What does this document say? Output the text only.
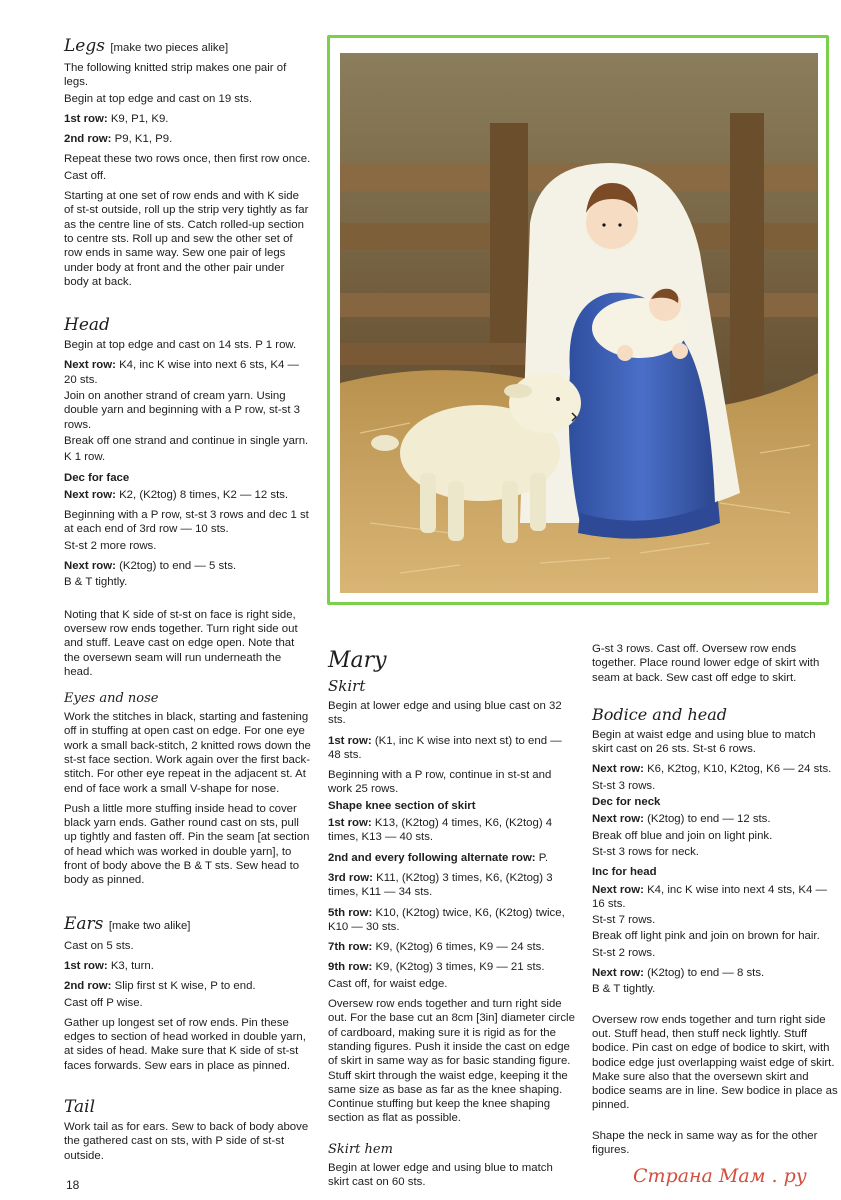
Legs [make two pieces alike]

The following knitted strip makes one pair of legs.

Begin at top edge and cast on 19 sts.

1st row: K9, P1, K9.

2nd row: P9, K1, P9.

Repeat these two rows once, then first row once.

Cast off.

Starting at one set of row ends and with K side of st-st outside, roll up the strip very tightly as far as the centre line of sts. Catch rolled-up section to centre sts. Roll up and sew the other set of row ends in same way. Sew one pair of legs under body at front and the other pair under body at back.

Head

Begin at top edge and cast on 14 sts. P 1 row.

Next row: K4, inc K wise into next 6 sts, K4 — 20 sts.

Join on another strand of cream yarn. Using double yarn and beginning with a P row, st-st 3 rows.

Break off one strand and continue in single yarn.

K 1 row.

Dec for face

Next row: K2, (K2tog) 8 times, K2 — 12 sts.

Beginning with a P row, st-st 3 rows and dec 1 st at each end of 3rd row — 10 sts.

St-st 2 more rows.

Next row: (K2tog) to end — 5 sts.

B & T tightly.

Noting that K side of st-st on face is right side, oversew row ends together. Turn right side out and stuff. Leave cast on edge open. Note that the oversewn seam will run underneath the head.

Eyes and nose

Work the stitches in black, starting and fastening off in stuffing at open cast on edge. For one eye work a small back-stitch, 2 knitted rows down the st-st face section. Work again over the first back-stitch. For other eye repeat in the adjacent st. At end of face work a small V-shape for nose.

Push a little more stuffing inside head to cover black yarn ends. Gather round cast on sts, pull up tightly and fasten off. Pin the seam [at section of head which was worked in double yarn], to front of body above the B & T sts. Sew head to body as pinned.

Ears [make two alike]

Cast on 5 sts.

1st row: K3, turn.

2nd row: Slip first st K wise, P to end.

Cast off P wise.

Gather up longest set of row ends. Pin these edges to section of head worked in double yarn, at sides of head. Make sure that K side of st-st faces forwards. Sew ears in place as pinned.

Tail

Work tail as for ears. Sew to back of body above the gathered cast on sts, with P side of st-st outside.

Mary
Skirt

Begin at lower edge and using blue cast on 32 sts.

1st row: (K1, inc K wise into next st) to end — 48 sts.

Beginning with a P row, continue in st-st and work 25 rows.

Shape knee section of skirt

1st row: K13, (K2tog) 4 times, K6, (K2tog) 4 times, K13 — 40 sts.

2nd and every following alternate row: P.

3rd row: K11, (K2tog) 3 times, K6, (K2tog) 3 times, K11 — 34 sts.

5th row: K10, (K2tog) twice, K6, (K2tog) twice, K10 — 30 sts.

7th row: K9, (K2tog) 6 times, K9 — 24 sts.

9th row: K9, (K2tog) 3 times, K9 — 21 sts.

Cast off, for waist edge.

Oversew row ends together and turn right side out. For the base cut an 8cm [3in] diameter circle of cardboard, making sure it is rigid as for the standing figures. Push it inside the cast on edge of skirt in same way as for basic standing figure. Stuff skirt through the waist edge, keeping it the same size as base as far as the knee shaping. Continue stuffing but keep the knee shaping section as flat as possible.

Skirt hem

Begin at lower edge and using blue to match skirt cast on 60 sts.

G-st 3 rows. Cast off. Oversew row ends together. Place round lower edge of skirt with seam at back. Sew cast off edge to skirt.

Bodice and head

Begin at waist edge and using blue to match skirt cast on 26 sts. St-st 6 rows.

Next row: K6, K2tog, K10, K2tog, K6 — 24 sts.

St-st 3 rows.

Dec for neck

Next row: (K2tog) to end — 12 sts.

Break off blue and join on light pink.

St-st 3 rows for neck.

Inc for head

Next row: K4, inc K wise into next 4 sts, K4 — 16 sts.

St-st 7 rows.

Break off light pink and join on brown for hair.

St-st 2 rows.

Next row: (K2tog) to end — 8 sts.

B & T tightly.

Oversew row ends together and turn right side out. Stuff head, then stuff neck lightly. Stuff bodice. Pin cast on edge of bodice to skirt, with bodice edge just overlapping waist edge of skirt. Make sure also that the oversewn skirt and bodice seams are in line. Sew bodice in place as pinned.

Shape the neck in same way as for the other figures.

18	Страна Мам . ру
